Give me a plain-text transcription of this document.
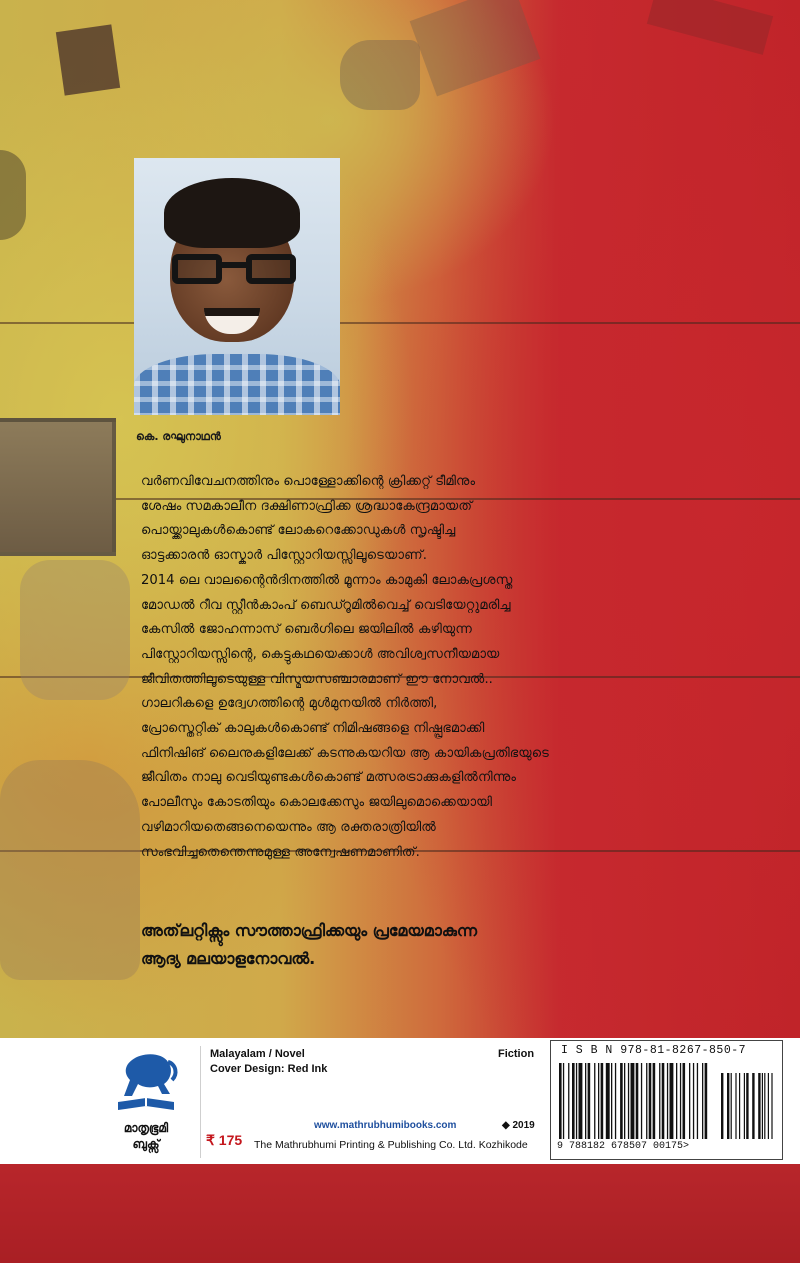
കെ. രഘുനാഥൻ

വർണവിവേചനത്തിനും പൊള്ളോക്കിന്റെ ക്രിക്കറ്റ് ടീമിനും

ശേഷം സമകാലീന ദക്ഷിണാഫ്രിക്ക ശ്രദ്ധാകേന്ദ്രമായത്

പൊയ്ക്കാലുകൾകൊണ്ട് ലോകറെക്കോഡുകൾ സൃഷ്ടിച്ച

ഓട്ടക്കാരൻ ഓസ്കാർ പിസ്റ്റോറിയസ്സിലൂടെയാണ്.

2014 ലെ വാലന്റൈൻദിനത്തിൽ മൂന്നാം കാമുകി ലോകപ്രശസ്ത

മോഡൽ റീവ സ്റ്റീൻകാംപ് ബെഡ്റൂമിൽവെച്ച് വെടിയേറ്റുമരിച്ച

കേസിൽ ജോഹന്നാസ് ബെർഗിലെ ജയിലിൽ കഴിയുന്ന

പിസ്റ്റോറിയസ്സിന്റെ, കെട്ടുകഥയെക്കാൾ അവിശ്വസനീയമായ

ജീവിതത്തിലൂടെയുള്ള വിസ്മയസഞ്ചാരമാണ് ഈ നോവൽ..

ഗാലറികളെ ഉദ്വേഗത്തിന്റെ മുൾമുനയിൽ നിർത്തി,

പ്രോസ്തെറ്റിക് കാലുകൾകൊണ്ട് നിമിഷങ്ങളെ നിഷ്പ്രഭമാക്കി

ഫിനിഷിങ് ലൈനുകളിലേക്ക് കടന്നുകയറിയ ആ കായികപ്രതിഭയുടെ

ജീവിതം നാലു വെടിയുണ്ടകൾകൊണ്ട് മത്സരട്രാക്കുകളിൽനിന്നും

പോലീസും കോടതിയും കൊലക്കേസും ജയിലുമൊക്കെയായി

വഴിമാറിയതെങ്ങനെയെന്നും ആ രക്തരാത്രിയിൽ

സംഭവിച്ചതെന്തെന്നുമുള്ള അന്വേഷണമാണിത്.

അത്‌ലറ്റിക്സും സൗത്താഫ്രിക്കയും പ്രമേയമാകുന്ന

ആദ്യ മലയാളനോവൽ.

മാതൃഭൂമി
ബുക്സ്
Malayalam / Novel
Cover Design: Red Ink
Fiction
www.mathrubhumibooks.com	◆ 2019
₹ 175 The Mathrubhumi Printing & Publishing Co. Ltd. Kozhikode
I S B N 978-81-8267-850-7
9 788182 678507 00175>
